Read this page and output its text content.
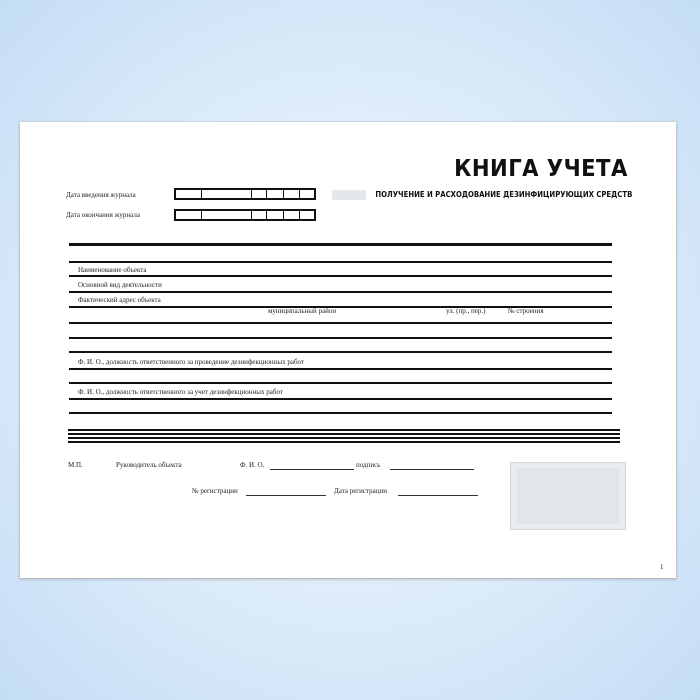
КНИГА УЧЕТА
ПОЛУЧЕНИЕ И РАСХОДОВАНИЕ ДЕЗИНФИЦИРУЮЩИХ СРЕДСТВ
Дата введения журнала
Дата окончания журнала
Наименование объекта
Основной вид деятельности
Фактический адрес объекта
муниципальный район	ул. (пр., пер.)	№ строения
Ф. И. О., должность ответственного за проведение дезинфекционных работ
Ф. И. О., должность ответственного за учет дезинфекционных работ
М.П.	Руководитель объекта	Ф. И. О.	подпись
№ регистрации	Дата регистрации
1
